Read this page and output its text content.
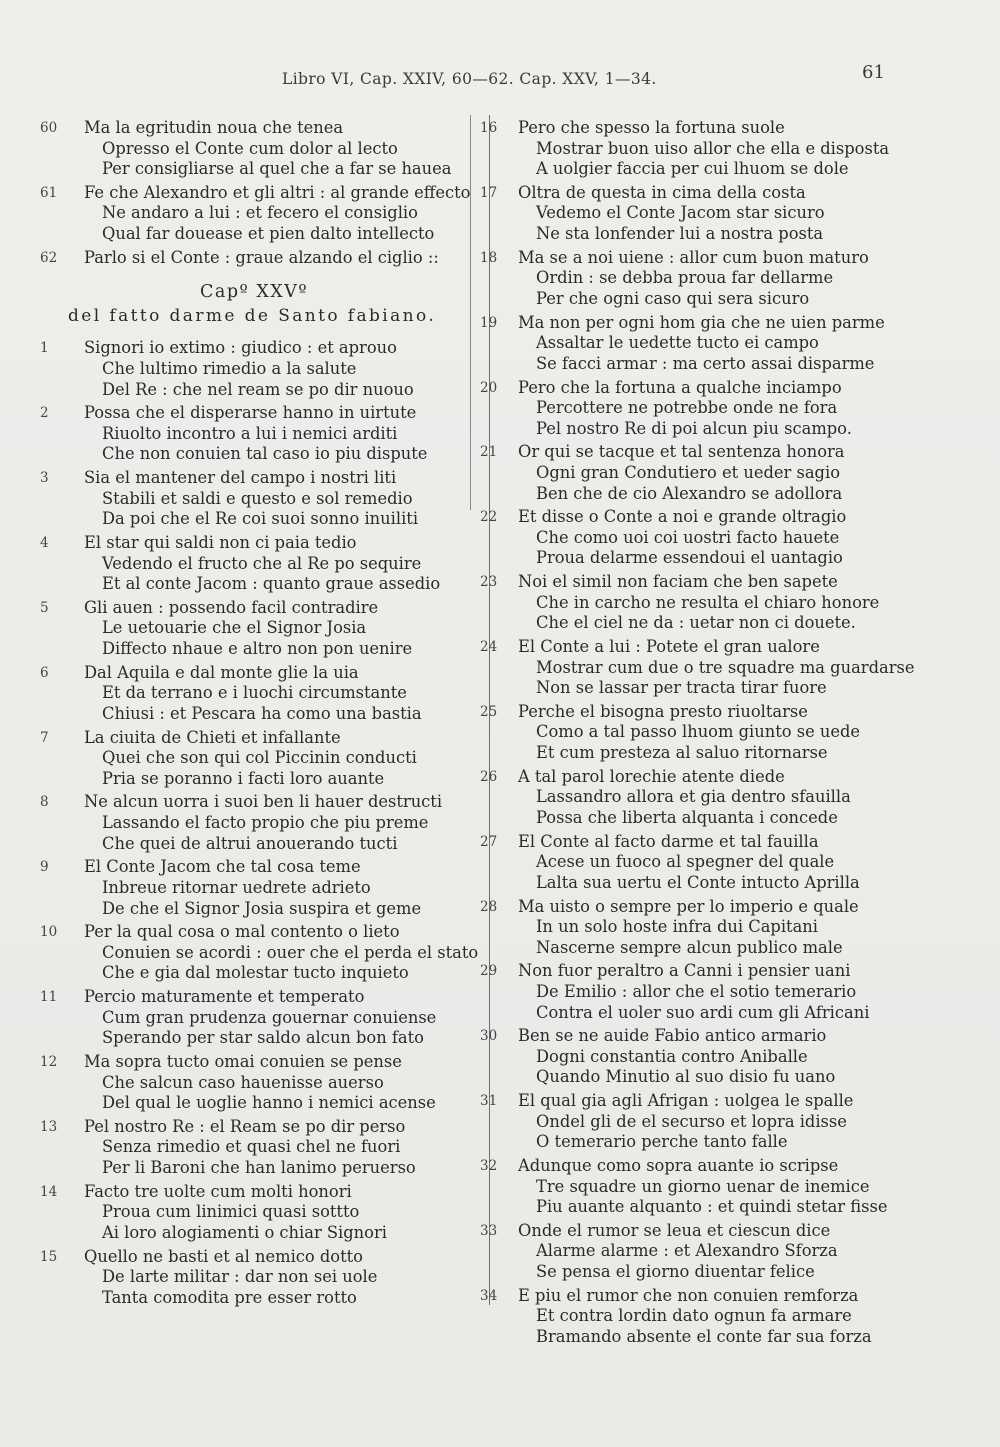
Libro VI, Cap. XXIV, 60—62. Cap. XXV, 1—34.	61
60	Ma la egritudin noua che tenea
Opresso el Conte cum dolor al lecto
Per consigliarse al quel che a far se hauea
61	Fe che Alexandro et gli altri : al grande effecto
Ne andaro a lui : et fecero el consiglio
Qual far douease et pien dalto intellecto
62	Parlo si el Conte : graue alzando el ciglio ::
Capº XXVº
del fatto darme de Santo fabiano.
1	Signori io extimo : giudico : et aprouo
Che lultimo rimedio a la salute
Del Re : che nel ream se po dir nuouo
2	Possa che el disperarse hanno in uirtute
Riuolto incontro a lui i nemici arditi
Che non conuien tal caso io piu dispute
3	Sia el mantener del campo i nostri liti
Stabili et saldi e questo e sol remedio
Da poi che el Re coi suoi sonno inuiliti
4	El star qui saldi non ci paia tedio
Vedendo el fructo che al Re po sequire
Et al conte Jacom : quanto graue assedio
5	Gli auen : possendo facil contradire
Le uetouarie che el Signor Josia
Diffecto nhaue e altro non pon uenire
6	Dal Aquila e dal monte glie la uia
Et da terrano e i luochi circumstante
Chiusi : et Pescara ha como una bastia
7	La ciuita de Chieti et infallante
Quei che son qui col Piccinin conducti
Pria se poranno i facti loro auante
8	Ne alcun uorra i suoi ben li hauer destructi
Lassando el facto propio che piu preme
Che quei de altrui anouerando tucti
9	El Conte Jacom che tal cosa teme
Inbreue ritornar uedrete adrieto
De che el Signor Josia suspira et geme
10	Per la qual cosa o mal contento o lieto
Conuien se acordi : ouer che el perda el stato
Che e gia dal molestar tucto inquieto
11	Percio maturamente et temperato
Cum gran prudenza gouernar conuiense
Sperando per star saldo alcun bon fato
12	Ma sopra tucto omai conuien se pense
Che salcun caso hauenisse auerso
Del qual le uoglie hanno i nemici acense
13	Pel nostro Re : el Ream se po dir perso
Senza rimedio et quasi chel ne fuori
Per li Baroni che han lanimo peruerso
14	Facto tre uolte cum molti honori
Proua cum linimici quasi sottto
Ai loro alogiamenti o chiar Signori
15	Quello ne basti et al nemico dotto
De larte militar : dar non sei uole
Tanta comodita pre esser rotto
16	Pero che spesso la fortuna suole
Mostrar buon uiso allor che ella e disposta
A uolgier faccia per cui lhuom se dole
17	Oltra de questa in cima della costa
Vedemo el Conte Jacom star sicuro
Ne sta lonfender lui a nostra posta
18	Ma se a noi uiene : allor cum buon maturo
Ordin : se debba proua far dellarme
Per che ogni caso qui sera sicuro
19	Ma non per ogni hom gia che ne uien parme
Assaltar le uedette tucto ei campo
Se facci armar : ma certo assai disparme
20	Pero che la fortuna a qualche inciampo
Percottere ne potrebbe onde ne fora
Pel nostro Re di poi alcun piu scampo.
21	Or qui se tacque et tal sentenza honora
Ogni gran Condutiero et ueder sagio
Ben che de cio Alexandro se adollora
22	Et disse o Conte a noi e grande oltragio
Che como uoi coi uostri facto hauete
Proua delarme essendoui el uantagio
23	Noi el simil non faciam che ben sapete
Che in carcho ne resulta el chiaro honore
Che el ciel ne da : uetar non ci douete.
24	El Conte a lui : Potete el gran ualore
Mostrar cum due o tre squadre ma guardarse
Non se lassar per tracta tirar fuore
25	Perche el bisogna presto riuoltarse
Como a tal passo lhuom giunto se uede
Et cum presteza al saluo ritornarse
26	A tal parol lorechie atente diede
Lassandro allora et gia dentro sfauilla
Possa che liberta alquanta i concede
27	El Conte al facto darme et tal fauilla
Acese un fuoco al spegner del quale
Lalta sua uertu el Conte intucto Aprilla
28	Ma uisto o sempre per lo imperio e quale
In un solo hoste infra dui Capitani
Nascerne sempre alcun publico male
29	Non fuor peraltro a Canni i pensier uani
De Emilio : allor che el sotio temerario
Contra el uoler suo ardi cum gli Africani
30	Ben se ne auide Fabio antico armario
Dogni constantia contro Aniballe
Quando Minutio al suo disio fu uano
31	El qual gia agli Afrigan : uolgea le spalle
Ondel gli de el securso et lopra idisse
O temerario perche tanto falle
32	Adunque como sopra auante io scripse
Tre squadre un giorno uenar de inemice
Piu auante alquanto : et quindi stetar fisse
33	Onde el rumor se leua et ciescun dice
Alarme alarme : et Alexandro Sforza
Se pensa el giorno diuentar felice
34	E piu el rumor che non conuien remforza
Et contra lordin dato ognun fa armare
Bramando absente el conte far sua forza
